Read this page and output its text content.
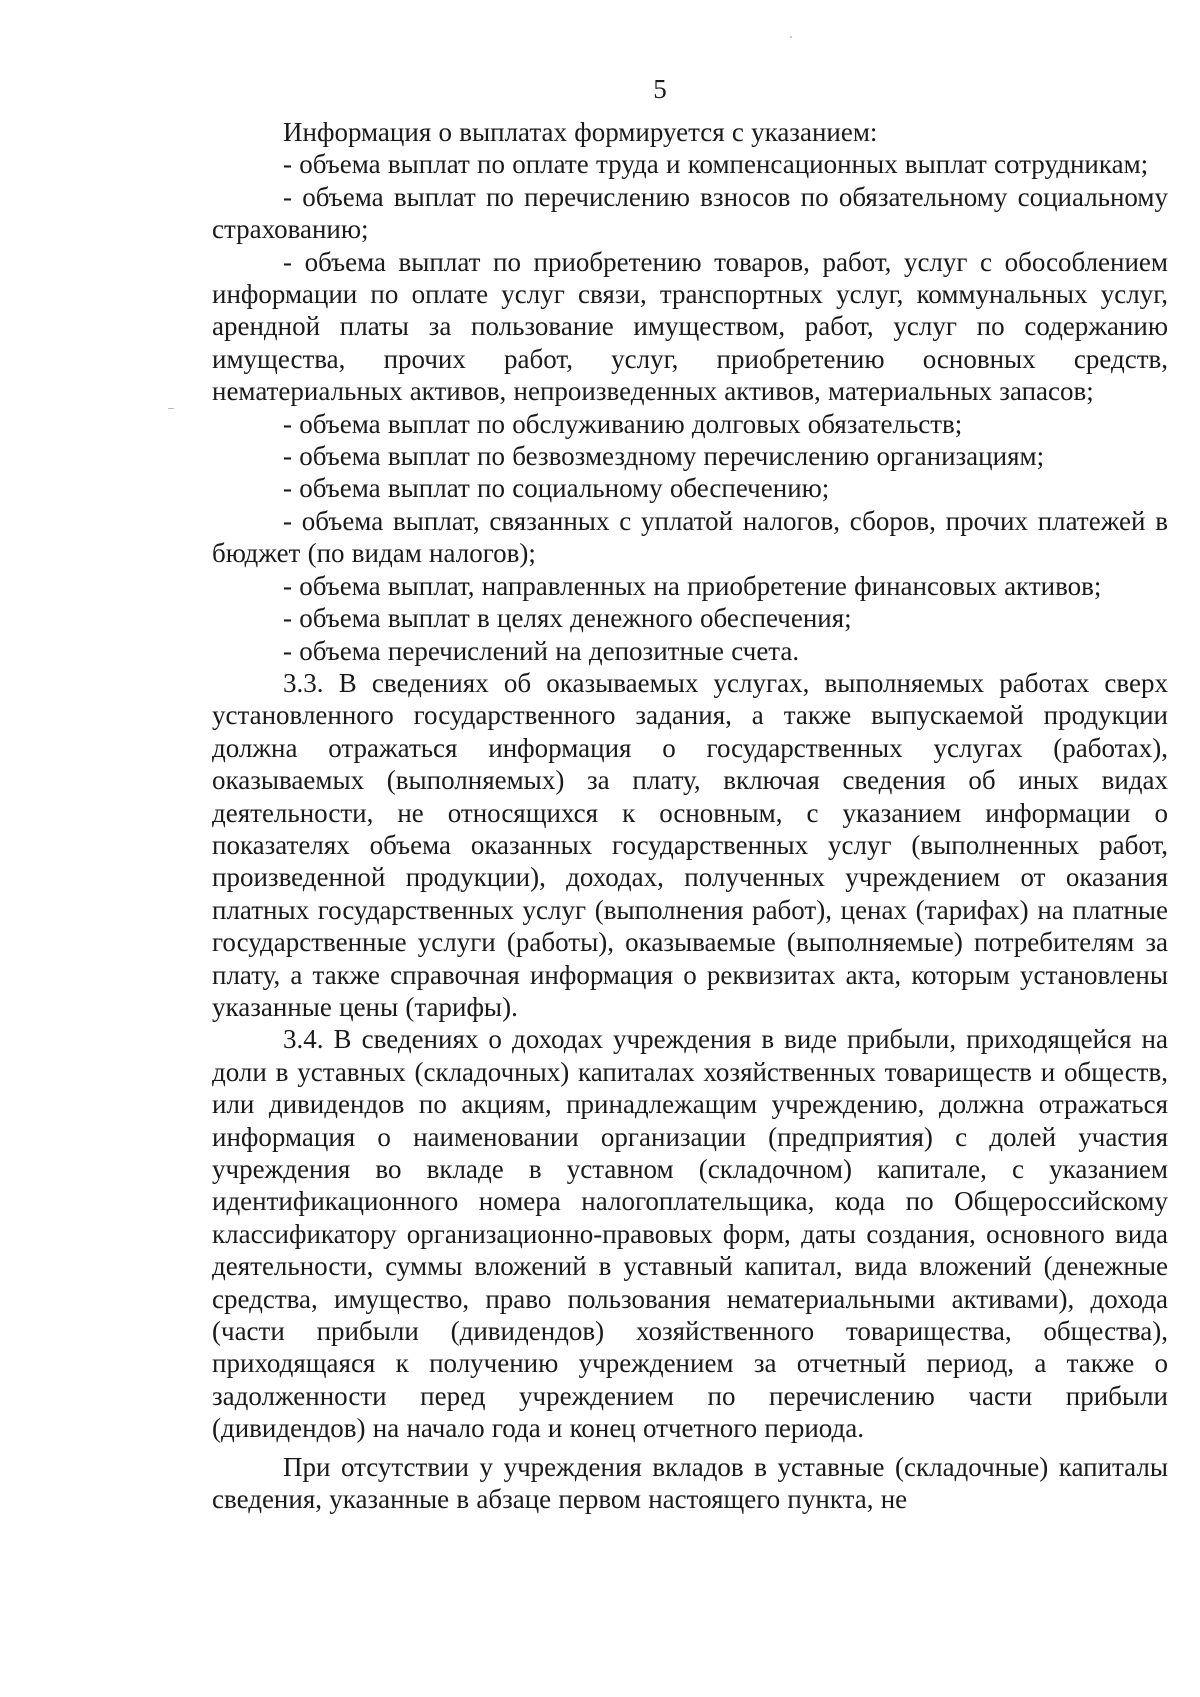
5

Информация о выплатах формируется с указанием:

- объема выплат по оплате труда и компенсационных выплат сотрудникам;

- объема выплат по перечислению взносов по обязательному социальному страхованию;

- объема выплат по приобретению товаров, работ, услуг с обособлением информации по оплате услуг связи, транспортных услуг, коммунальных услуг, арендной платы за пользование имуществом, работ, услуг по содержанию имущества, прочих работ, услуг, приобретению основных средств, нематериальных активов, непроизведенных активов, материальных запасов;

- объема выплат по обслуживанию долговых обязательств;

- объема выплат по безвозмездному перечислению организациям;

- объема выплат по социальному обеспечению;

- объема выплат, связанных с уплатой налогов, сборов, прочих платежей в бюджет (по видам налогов);

- объема выплат, направленных на приобретение финансовых активов;

- объема выплат в целях денежного обеспечения;

- объема перечислений на депозитные счета.

3.3. В сведениях об оказываемых услугах, выполняемых работах сверх установленного государственного задания, а также выпускаемой продукции должна отражаться информация о государственных услугах (работах), оказываемых (выполняемых) за плату, включая сведения об иных видах деятельности, не относящихся к основным, с указанием информации о показателях объема оказанных государственных услуг (выполненных работ, произведенной продукции), доходах, полученных учреждением от оказания платных государственных услуг (выполнения работ), ценах (тарифах) на платные государственные услуги (работы), оказываемые (выполняемые) потребителям за плату, а также справочная информация о реквизитах акта, которым установлены указанные цены (тарифы).

3.4. В сведениях о доходах учреждения в виде прибыли, приходящейся на доли в уставных (складочных) капиталах хозяйственных товариществ и обществ, или дивидендов по акциям, принадлежащим учреждению, должна отражаться информация о наименовании организации (предприятия) с долей участия учреждения во вкладе в уставном (складочном) капитале, с указанием идентификационного номера налогоплательщика, кода по Общероссийскому классификатору организационно-правовых форм, даты создания, основного вида деятельности, суммы вложений в уставный капитал, вида вложений (денежные средства, имущество, право пользования нематериальными активами), дохода (части прибыли (дивидендов) хозяйственного товарищества, общества), приходящаяся к получению учреждением за отчетный период, а также о задолженности перед учреждением по перечислению части прибыли (дивидендов) на начало года и конец отчетного периода.

При отсутствии у учреждения вкладов в уставные (складочные) капиталы сведения, указанные в абзаце первом настоящего пункта, не
